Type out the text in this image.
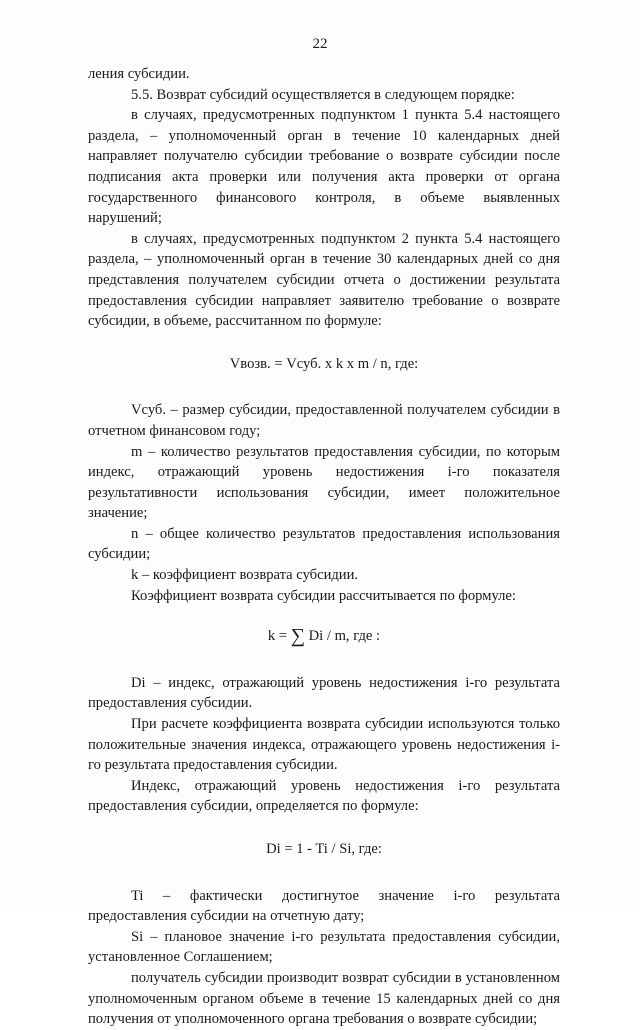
22

ления субсидии.

5.5. Возврат субсидий осуществляется в следующем порядке:

в случаях, предусмотренных подпунктом 1 пункта 5.4 настоящего раздела, – уполномоченный орган в течение 10 календарных дней направляет получателю субсидии требование о возврате субсидии после подписания акта проверки или получения акта проверки от органа государственного финансового контроля, в объеме выявленных нарушений;

в случаях, предусмотренных подпунктом 2 пункта 5.4 настоящего раздела, – уполномоченный орган в течение 30 календарных дней со дня представления получателем субсидии отчета о достижении результата предоставления субсидии направляет заявителю требование о возврате субсидии, в объеме, рассчитанном по формуле:

Vвозв. = Vсуб. x k x m / n, где:

Vсуб. – размер субсидии, предоставленной получателем субсидии в отчетном финансовом году;

m – количество результатов предоставления субсидии, по которым индекс, отражающий уровень недостижения i-го показателя результативности использования субсидии, имеет положительное значение;

n – общее количество результатов предоставления использования субсидии;

k – коэффициент возврата субсидии.

Коэффициент возврата субсидии рассчитывается по формуле:

k = ∑ Di / m, где :

Di – индекс, отражающий уровень недостижения i-го результата предоставления субсидии.

При расчете коэффициента возврата субсидии используются только положительные значения индекса, отражающего уровень недостижения i-го результата предоставления субсидии.

Индекс, отражающий уровень недостижения i-го результата предоставления субсидии, определяется по формуле:

Di = 1 - Ti / Si, где:

Ti – фактически достигнутое значение i-го результата предоставления субсидии на отчетную дату;

Si – плановое значение i-го результата предоставления субсидии, установленное Соглашением;

получатель субсидии производит возврат субсидии в установленном уполномоченным органом объеме в течение 15 календарных дней со дня получения от уполномоченного органа требования о возврате субсидии;
